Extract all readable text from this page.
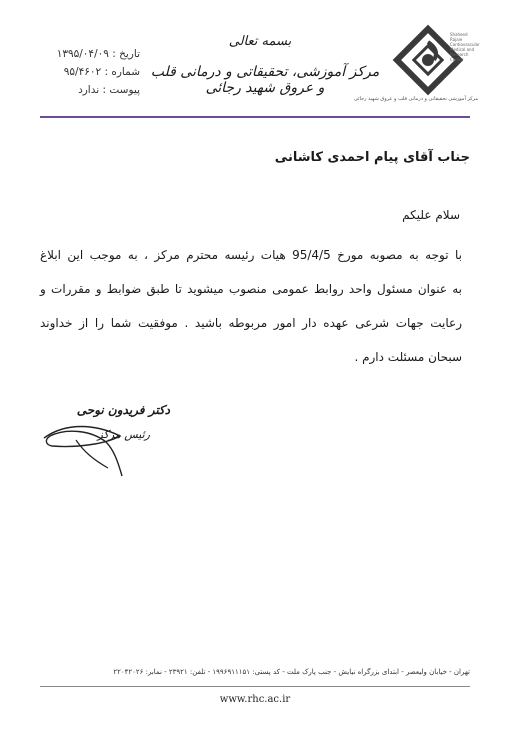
Shaheed Rajaie Cardiovascular Medical and Research Center
مرکز آموزشی تحقیقاتی و درمانی قلب و عروق شهید رجائی
بسمه تعالی
مرکز آموزشی، تحقیقاتی و درمانی قلب و عروق شهید رجائی
تاریخ : ۱۳۹۵/۰۴/۰۹
شماره : ۹۵/۴۶۰۲
پیوست : ندارد
جناب آقای پیام احمدی کاشانی
سلام علیکم
با توجه به مصوبه مورخ 95/4/5 هیات رئیسه محترم مرکز ، به موجب این ابلاغ
به عنوان مسئول واحد روابط عمومی منصوب میشوید تا طبق ضوابط و مقررات و
رعایت جهات شرعی عهده دار امور مربوطه باشید . موفقیت شما را از خداوند
سبحان مسئلت دارم .
دکتر فریدون نوحی
رئیس مرکز
تهران - خیابان ولیعصر - ابتدای بزرگراه نیایش - جنب پارک ملت - کد پستی: ۱۹۹۶۹۱۱۱۵۱ - تلفن: ۲۳۹۲۱ - نمابر: ۲۲۰۴۲۰۲۶
www.rhc.ac.ir
